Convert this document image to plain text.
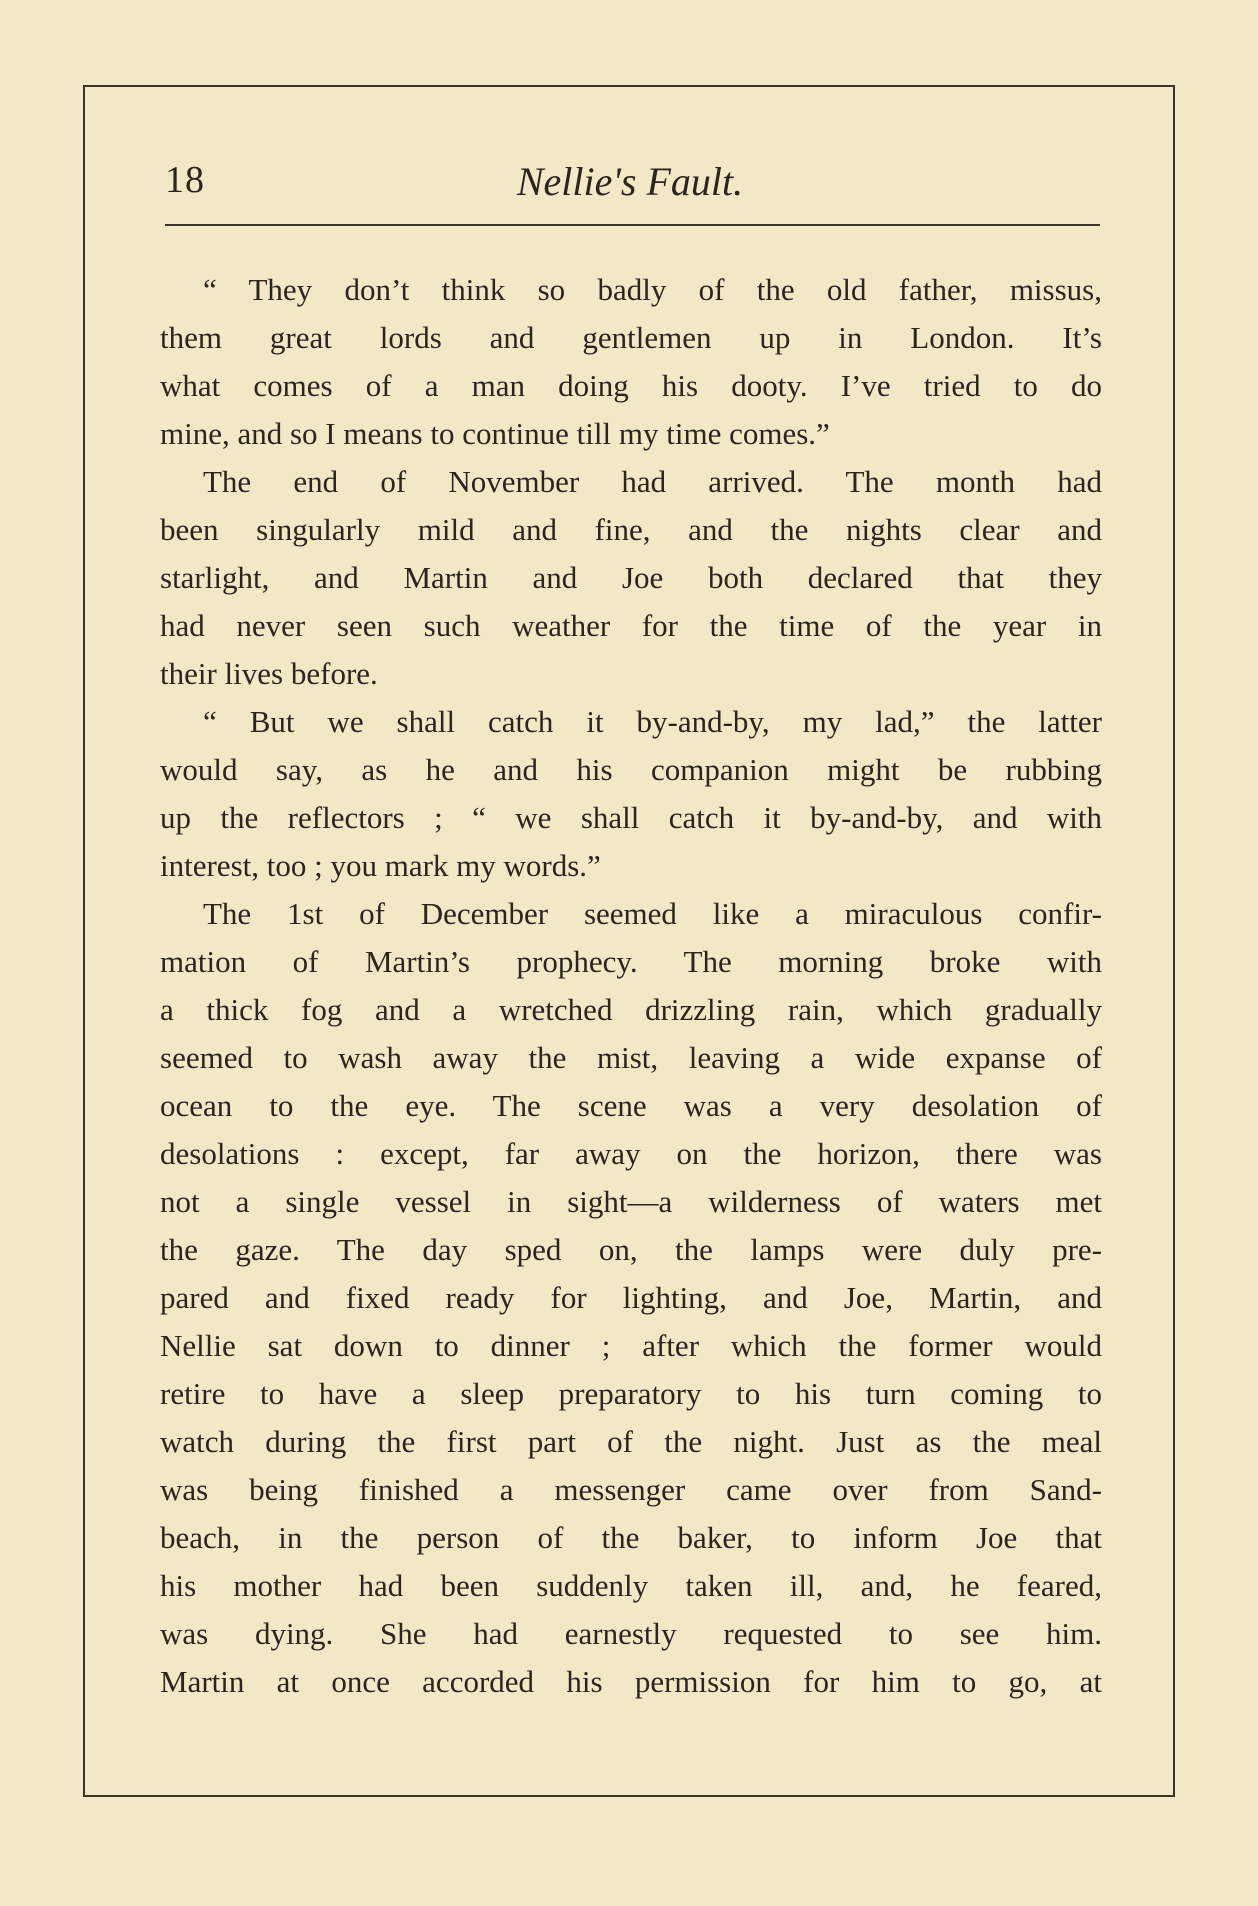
18	Nellie's Fault.
“ They don’t think so badly of the old father, missus,
them great lords and gentlemen up in London. It’s
what comes of a man doing his dooty. I’ve tried to do
mine, and so I means to continue till my time comes.”
The end of November had arrived. The month had
been singularly mild and fine, and the nights clear and
starlight, and Martin and Joe both declared that they
had never seen such weather for the time of the year in
their lives before.
“ But we shall catch it by-and-by, my lad,” the latter
would say, as he and his companion might be rubbing
up the reflectors ; “ we shall catch it by-and-by, and with
interest, too ; you mark my words.”
The 1st of December seemed like a miraculous confir-
mation of Martin’s prophecy. The morning broke with
a thick fog and a wretched drizzling rain, which gradually
seemed to wash away the mist, leaving a wide expanse of
ocean to the eye. The scene was a very desolation of
desolations : except, far away on the horizon, there was
not a single vessel in sight—a wilderness of waters met
the gaze. The day sped on, the lamps were duly pre-
pared and fixed ready for lighting, and Joe, Martin, and
Nellie sat down to dinner ; after which the former would
retire to have a sleep preparatory to his turn coming to
watch during the first part of the night. Just as the meal
was being finished a messenger came over from Sand-
beach, in the person of the baker, to inform Joe that
his mother had been suddenly taken ill, and, he feared,
was dying. She had earnestly requested to see him.
Martin at once accorded his permission for him to go, at
